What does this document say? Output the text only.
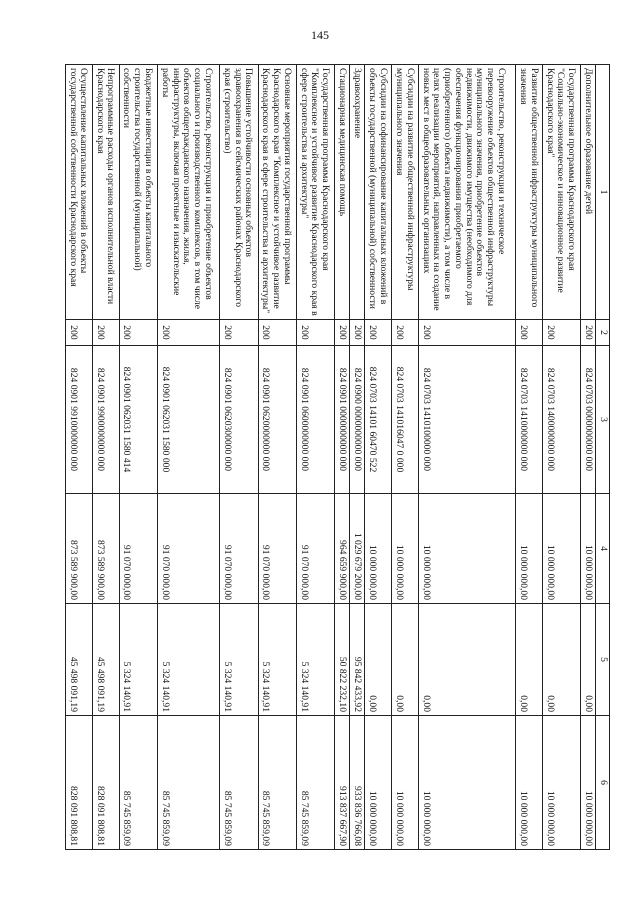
145
1	2	3	4	5	6
Дополнительное образование детей	200	824 0703 0000000000 000	10 000 000,00	0,00	10 000 000,00
Государственная программа Краснодарского края "Социально-экономическое и инновационное развитие Краснодарского края"	200	824 0703 1400000000 000	10 000 000,00	0,00	10 000 000,00
Развитие общественной инфраструктуры муниципального значения	200	824 0703 1410000000 000	10 000 000,00	0,00	10 000 000,00
Строительство, реконструкция и техническое перевооружение объектов общественной инфраструктуры муниципального значения, приобретение объектов недвижимости, движимого имущества (необходимого для обеспечения функционирования приобретаемого (приобретенного) объекта недвижимости), а том числе в целях реализации мероприятий, направленных на создание новых мест в общеобразовательных организациях	200	824 0703 1410100000 000	10 000 000,00	0,00	10 000 000,00
Субсидии на развитие общественной инфраструктуры муниципального значения	200	824 0703 141016047 0 000	10 000 000,00	0,00	10 000 000,00
Субсидии на софинансирование капитальных вложений в объекты государственной (муниципальной) собственности	200	824 0703 14101 60470 522	10 000 000,00	0,00	10 000 000,00
Здравоохранение	200	824 0900 0000000000 000	1 029 679 200,00	95 842 433,92	933 836 766,08
Стационарная медицинская помощь	200	824 0901 0000000000 000	964 659 900,00	50 822 232,10	913 837 667,90
Государственная программа Краснодарского края "Комплексное и устойчивое развитие Краснодарского края в сфере строительства и архитектуры"	200	824 0901 0600000000 000	91 070 000,00	5 324 140,91	85 745 859,09
Основные мероприятия государственной программы Краснодарского края "Комплексное и устойчивое развитие Краснодарского края в сфере строительства и архитектуры"	200	824 0901 0620000000 000	91 070 000,00	5 324 140,91	85 745 859,09
Повышение устойчивости основных объектов здравоохранения в сейсмических районах Краснодарского края (строительство)	200	824 0901 0620300000 000	91 070 000,00	5 324 140,91	85 745 859,09
Строительство, реконструкция и приобретение объектов социального и производственного комплексов, в том числе объектов общегражданского назначения, жилья, инфраструктуры, включая проектные и изыскательские работы	200	824 0901 062031 1580 000	91 070 000,00	5 324 140,91	85 745 859,09
Бюджетные инвестиции в объекты капитального строительства государственной (муниципальной) собственности	200	824 0901 062031 1580 414	91 070 000,00	5 324 140,91	85 745 859,09
Непрограммные расходы органов исполнительной власти Краснодарского края	200	824 0901 9900000000 000	873 589 900,00	45 498 091,19	828 091 808,81
Осуществление капитальных вложений в объекты государственной собственности Краснодарского края	200	824 0901 9910000000 000	873 589 900,00	45 498 091,19	828 091 808,81
